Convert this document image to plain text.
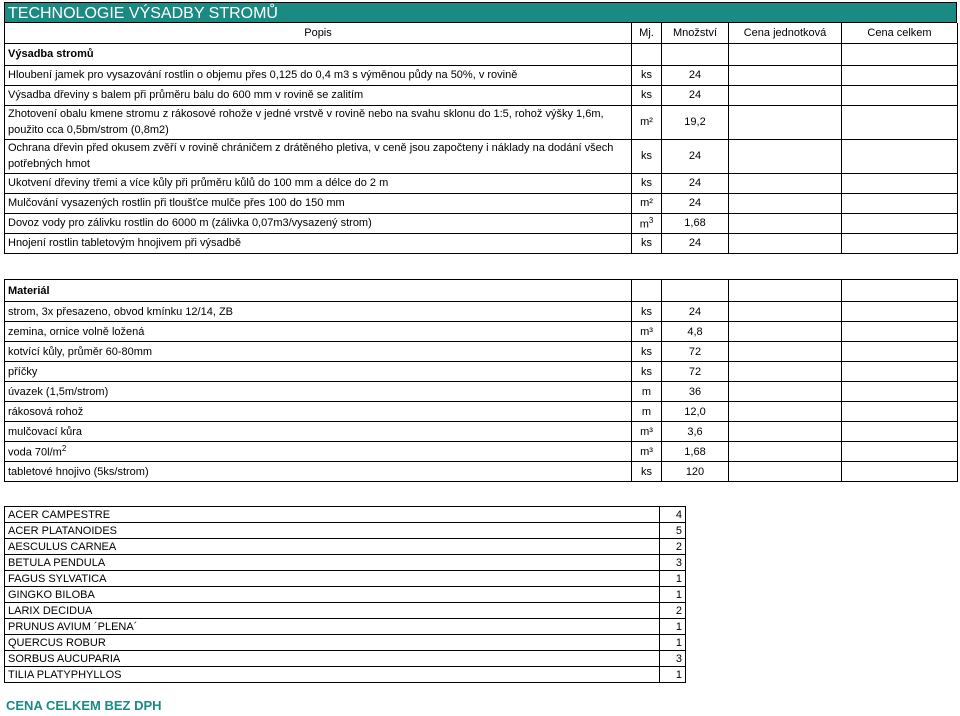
TECHNOLOGIE VÝSADBY STROMŮ
Popis	Mj.	Množství	Cena jednotková	Cena celkem
Výsadba stromů				
Hloubení jamek pro vysazování rostlin o objemu přes 0,125 do 0,4 m3 s výměnou půdy na 50%, v rovině	ks	24		
Výsadba dřeviny s balem při průměru balu do 600 mm v rovině se zalitím	ks	24		
Zhotovení obalu kmene stromu z rákosové rohože v jedné vrstvě v rovině nebo na svahu sklonu do 1:5, rohož výšky 1,6m, použito cca 0,5bm/strom (0,8m2)	m²	19,2		
Ochrana dřevin před okusem zvěří v rovině chráničem z drátěného pletiva, v ceně jsou započteny i náklady na dodání všech potřebných hmot	ks	24		
Ukotvení dřeviny třemi a více kůly při průměru kůlů do 100 mm a délce do 2 m	ks	24		
Mulčování vysazených rostlin při tloušťce mulče přes 100 do 150 mm	m²	24		
Dovoz vody pro zálivku rostlin do 6000 m (zálivka 0,07m3/vysazený strom)	$m^3$	1,68		
Hnojení rostlin tabletovým hnojivem při výsadbě	ks	24		
Materiál				
strom, 3x přesazeno, obvod kmínku 12/14, ZB	ks	24		
zemina, ornice volně ložená	m³	4,8		
kotvící kůly, průměr 60-80mm	ks	72		
příčky	ks	72		
úvazek (1,5m/strom)	m	36		
rákosová rohož	m	12,0		
mulčovací kůra	m³	3,6		
voda $70l/m^2$	m³	1,68		
tabletové hnojivo (5ks/strom)	ks	120		
ACER CAMPESTRE	4
ACER PLATANOIDES	5
AESCULUS CARNEA	2
BETULA PENDULA	3
FAGUS SYLVATICA	1
GINGKO BILOBA	1
LARIX DECIDUA	2
PRUNUS AVIUM ´PLENA´	1
QUERCUS ROBUR	1
SORBUS AUCUPARIA	3
TILIA PLATYPHYLLOS	1
CENA CELKEM BEZ DPH
